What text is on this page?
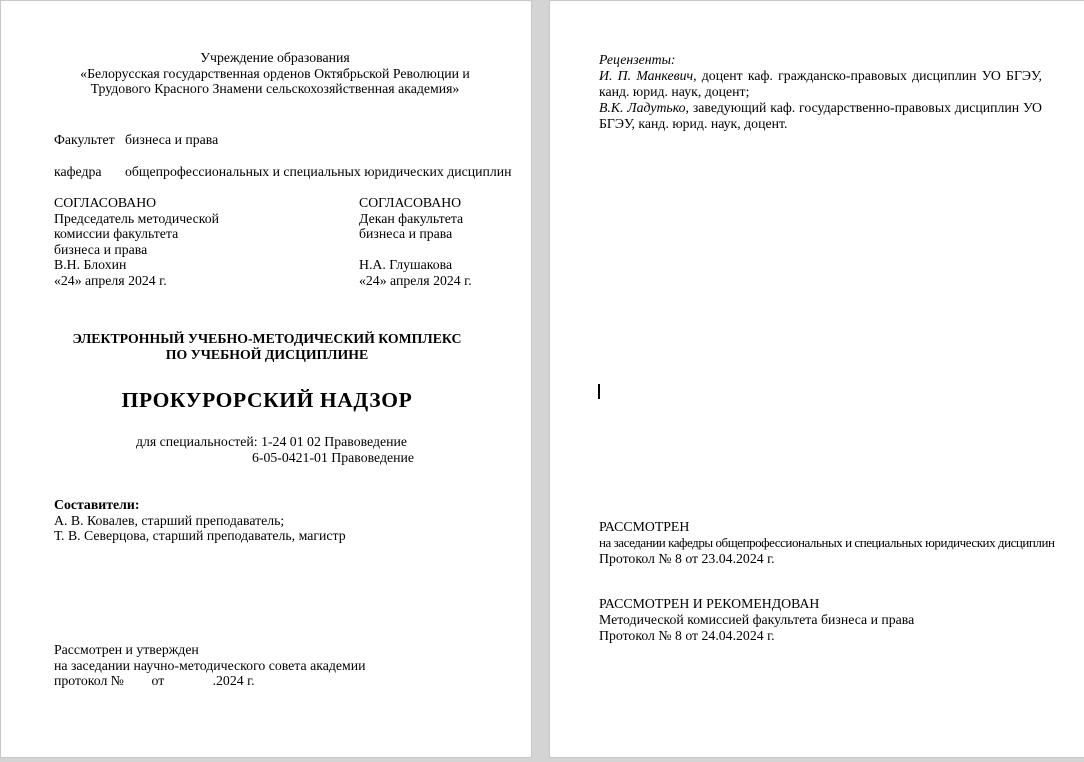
Учреждение образования
«Белорусская государственная орденов Октябрьской Революции и
Трудового Красного Знамени сельскохозяйственная академия»
Факультет бизнеса и права
кафедра общепрофессиональных и специальных юридических дисциплин
СОГЛАСОВАНО
Председатель методической
комиссии факультета
бизнеса и права
В.Н. Блохин
«24» апреля 2024 г.
СОГЛАСОВАНО
Декан факультета
бизнеса и права
Н.А. Глушакова
«24» апреля 2024 г.
ЭЛЕКТРОННЫЙ УЧЕБНО-МЕТОДИЧЕСКИЙ КОМПЛЕКС
ПО УЧЕБНОЙ ДИСЦИПЛИНЕ
ПРОКУРОРСКИЙ НАДЗОР
для специальностей: 1-24 01 02 Правоведение
6-05-0421-01 Правоведение
Составители:
А. В. Ковалев, старший преподаватель;
Т. В. Северцова, старший преподаватель, магистр
Рассмотрен и утвержден
на заседании научно-методического совета академии
протокол №        от              .2024 г.
Рецензенты:

И. П. Манкевич, доцент каф. гражданско-правовых дисциплин УО БГЭУ, канд. юрид. наук, доцент;

В.К. Ладутько, заведующий каф. государственно-правовых дисциплин УО БГЭУ, канд. юрид. наук, доцент.

РАССМОТРЕН
на заседании кафедры общепрофессиональных и специальных юридических дисциплин
Протокол № 8 от 23.04.2024 г.
РАССМОТРЕН И РЕКОМЕНДОВАН
Методической комиссией факультета бизнеса и права
Протокол № 8 от 24.04.2024 г.
